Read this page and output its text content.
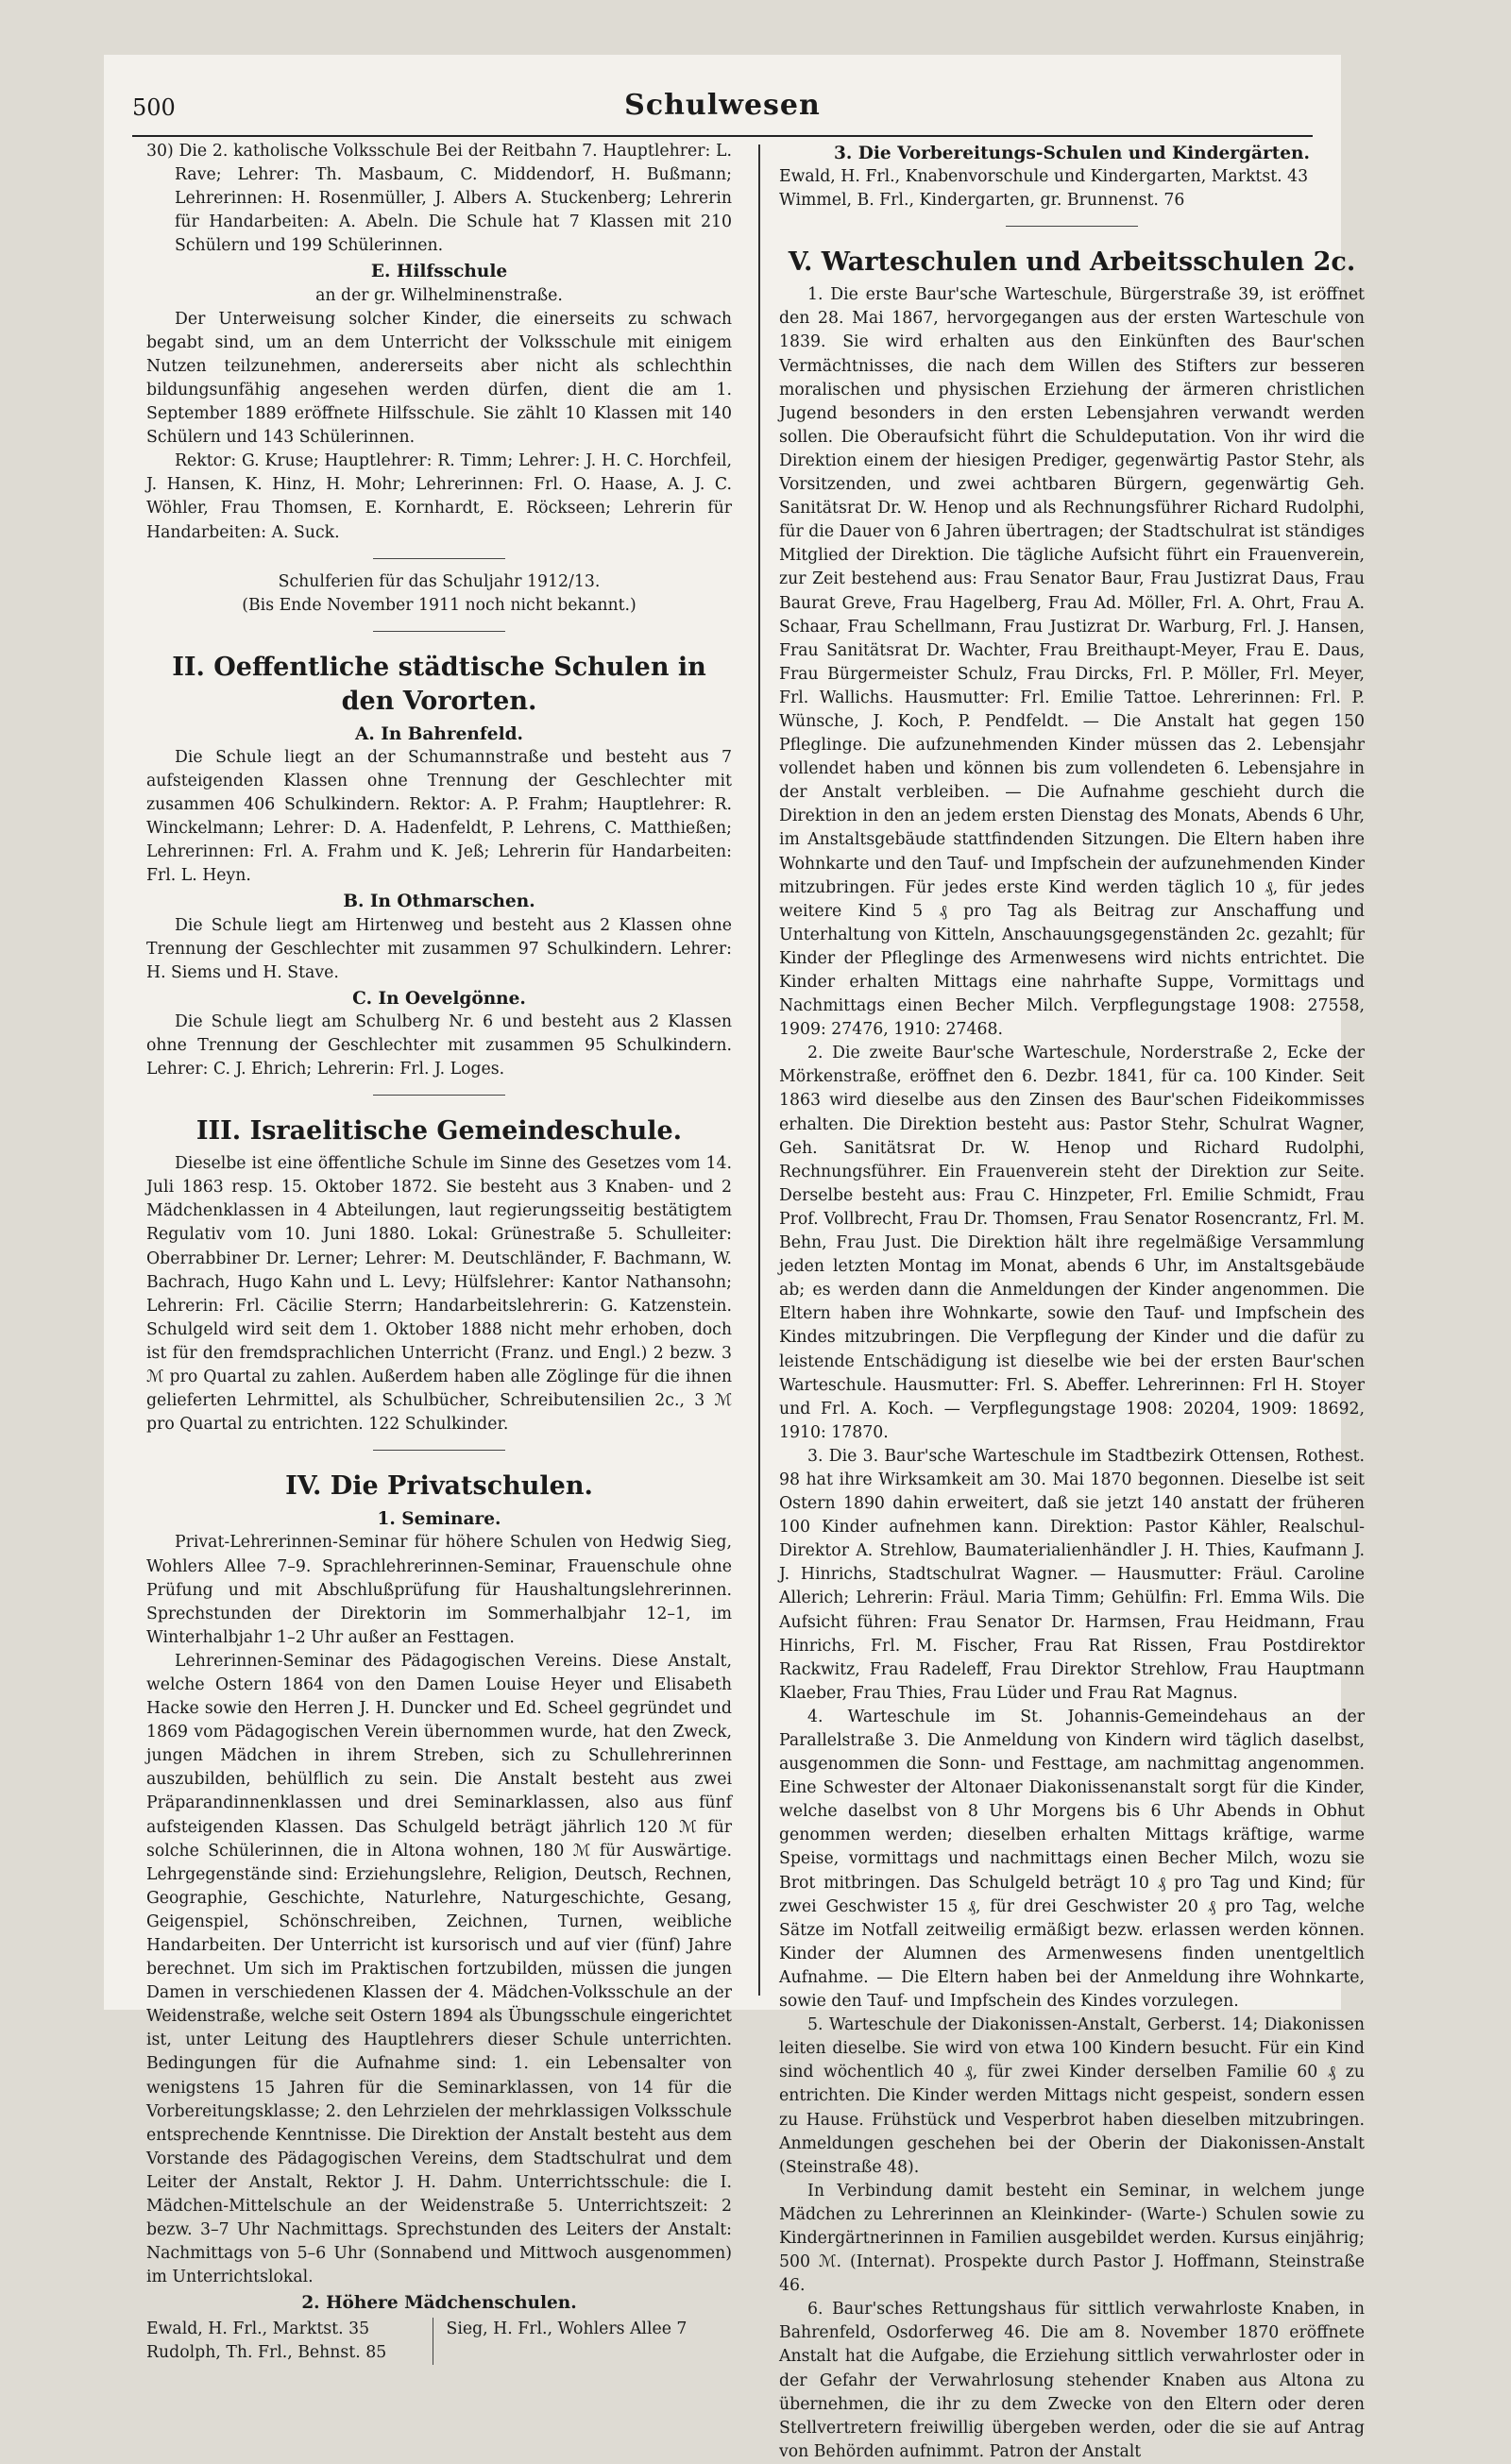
500	Schulwesen

30) Die 2. katholische Volksschule Bei der Reitbahn 7. Hauptlehrer: L. Rave; Lehrer: Th. Masbaum, C. Middendorf, H. Bußmann; Lehrerinnen: H. Rosenmüller, J. Albers A. Stuckenberg; Lehrerin für Handarbeiten: A. Abeln. Die Schule hat 7 Klassen mit 210 Schülern und 199 Schülerinnen.

E. Hilfsschule

an der gr. Wilhelminenstraße.

Der Unterweisung solcher Kinder, die einerseits zu schwach begabt sind, um an dem Unterricht der Volksschule mit einigem Nutzen teilzunehmen, andererseits aber nicht als schlechthin bildungsunfähig angesehen werden dürfen, dient die am 1. September 1889 eröffnete Hilfsschule. Sie zählt 10 Klassen mit 140 Schülern und 143 Schülerinnen.

Rektor: G. Kruse; Hauptlehrer: R. Timm; Lehrer: J. H. C. Horchfeil, J. Hansen, K. Hinz, H. Mohr; Lehrerinnen: Frl. O. Haase, A. J. C. Wöhler, Frau Thomsen, E. Kornhardt, E. Röckseen; Lehrerin für Handarbeiten: A. Suck.

Schulferien für das Schuljahr 1912/13.

(Bis Ende November 1911 noch nicht bekannt.)

II. Oeffentliche städtische Schulen in den Vororten.
A. In Bahrenfeld.

Die Schule liegt an der Schumannstraße und besteht aus 7 aufsteigenden Klassen ohne Trennung der Geschlechter mit zusammen 406 Schulkindern. Rektor: A. P. Frahm; Hauptlehrer: R. Winckelmann; Lehrer: D. A. Hadenfeldt, P. Lehrens, C. Matthießen; Lehrerinnen: Frl. A. Frahm und K. Jeß; Lehrerin für Handarbeiten: Frl. L. Heyn.

B. In Othmarschen.

Die Schule liegt am Hirtenweg und besteht aus 2 Klassen ohne Trennung der Geschlechter mit zusammen 97 Schulkindern. Lehrer: H. Siems und H. Stave.

C. In Oevelgönne.

Die Schule liegt am Schulberg Nr. 6 und besteht aus 2 Klassen ohne Trennung der Geschlechter mit zusammen 95 Schulkindern. Lehrer: C. J. Ehrich; Lehrerin: Frl. J. Loges.

III. Israelitische Gemeindeschule.

Dieselbe ist eine öffentliche Schule im Sinne des Gesetzes vom 14. Juli 1863 resp. 15. Oktober 1872. Sie besteht aus 3 Knaben- und 2 Mädchenklassen in 4 Abteilungen, laut regierungsseitig bestätigtem Regulativ vom 10. Juni 1880. Lokal: Grünestraße 5. Schulleiter: Oberrabbiner Dr. Lerner; Lehrer: M. Deutschländer, F. Bachmann, W. Bachrach, Hugo Kahn und L. Levy; Hülfslehrer: Kantor Nathansohn; Lehrerin: Frl. Cäcilie Sterrn; Handarbeitslehrerin: G. Katzenstein. Schulgeld wird seit dem 1. Oktober 1888 nicht mehr erhoben, doch ist für den fremdsprachlichen Unterricht (Franz. und Engl.) 2 bezw. 3 ℳ pro Quartal zu zahlen. Außerdem haben alle Zöglinge für die ihnen gelieferten Lehrmittel, als Schulbücher, Schreibutensilien 2c., 3 ℳ pro Quartal zu entrichten. 122 Schulkinder.

IV. Die Privatschulen.
1. Seminare.

Privat-Lehrerinnen-Seminar für höhere Schulen von Hedwig Sieg, Wohlers Allee 7–9. Sprachlehrerinnen-Seminar, Frauenschule ohne Prüfung und mit Abschlußprüfung für Haushaltungslehrerinnen. Sprechstunden der Direktorin im Sommerhalbjahr 12–1, im Winterhalbjahr 1–2 Uhr außer an Festtagen.

Lehrerinnen-Seminar des Pädagogischen Vereins. Diese Anstalt, welche Ostern 1864 von den Damen Louise Heyer und Elisabeth Hacke sowie den Herren J. H. Duncker und Ed. Scheel gegründet und 1869 vom Pädagogischen Verein übernommen wurde, hat den Zweck, jungen Mädchen in ihrem Streben, sich zu Schullehrerinnen auszubilden, behülflich zu sein. Die Anstalt besteht aus zwei Präparandinnenklassen und drei Seminarklassen, also aus fünf aufsteigenden Klassen. Das Schulgeld beträgt jährlich 120 ℳ für solche Schülerinnen, die in Altona wohnen, 180 ℳ für Auswärtige. Lehrgegenstände sind: Erziehungslehre, Religion, Deutsch, Rechnen, Geographie, Geschichte, Naturlehre, Naturgeschichte, Gesang, Geigenspiel, Schönschreiben, Zeichnen, Turnen, weibliche Handarbeiten. Der Unterricht ist kursorisch und auf vier (fünf) Jahre berechnet. Um sich im Praktischen fortzubilden, müssen die jungen Damen in verschiedenen Klassen der 4. Mädchen-Volksschule an der Weidenstraße, welche seit Ostern 1894 als Übungsschule eingerichtet ist, unter Leitung des Hauptlehrers dieser Schule unterrichten. Bedingungen für die Aufnahme sind: 1. ein Lebensalter von wenigstens 15 Jahren für die Seminarklassen, von 14 für die Vorbereitungsklasse; 2. den Lehrzielen der mehrklassigen Volksschule entsprechende Kenntnisse. Die Direktion der Anstalt besteht aus dem Vorstande des Pädagogischen Vereins, dem Stadtschulrat und dem Leiter der Anstalt, Rektor J. H. Dahm. Unterrichtsschule: die I. Mädchen-Mittelschule an der Weidenstraße 5. Unterrichtszeit: 2 bezw. 3–7 Uhr Nachmittags. Sprechstunden des Leiters der Anstalt: Nachmittags von 5–6 Uhr (Sonnabend und Mittwoch ausgenommen) im Unterrichtslokal.

2. Höhere Mädchenschulen.
Ewald, H. Frl., Marktst. 35
Rudolph, Th. Frl., Behnst. 85
Sieg, H. Frl., Wohlers Allee 7
3. Die Vorbereitungs-Schulen und Kindergärten.

Ewald, H. Frl., Knabenvorschule und Kindergarten, Marktst. 43

Wimmel, B. Frl., Kindergarten, gr. Brunnenst. 76

V. Warteschulen und Arbeitsschulen 2c.

1. Die erste Baur'sche Warteschule, Bürgerstraße 39, ist eröffnet den 28. Mai 1867, hervorgegangen aus der ersten Warteschule von 1839. Sie wird erhalten aus den Einkünften des Baur'schen Vermächtnisses, die nach dem Willen des Stifters zur besseren moralischen und physischen Erziehung der ärmeren christlichen Jugend besonders in den ersten Lebensjahren verwandt werden sollen. Die Oberaufsicht führt die Schuldeputation. Von ihr wird die Direktion einem der hiesigen Prediger, gegenwärtig Pastor Stehr, als Vorsitzenden, und zwei achtbaren Bürgern, gegenwärtig Geh. Sanitätsrat Dr. W. Henop und als Rechnungsführer Richard Rudolphi, für die Dauer von 6 Jahren übertragen; der Stadtschulrat ist ständiges Mitglied der Direktion. Die tägliche Aufsicht führt ein Frauenverein, zur Zeit bestehend aus: Frau Senator Baur, Frau Justizrat Daus, Frau Baurat Greve, Frau Hagelberg, Frau Ad. Möller, Frl. A. Ohrt, Frau A. Schaar, Frau Schellmann, Frau Justizrat Dr. Warburg, Frl. J. Hansen, Frau Sanitätsrat Dr. Wachter, Frau Breithaupt-Meyer, Frau E. Daus, Frau Bürgermeister Schulz, Frau Dircks, Frl. P. Möller, Frl. Meyer, Frl. Wallichs. Hausmutter: Frl. Emilie Tattoe. Lehrerinnen: Frl. P. Wünsche, J. Koch, P. Pendfeldt. — Die Anstalt hat gegen 150 Pfleglinge. Die aufzunehmenden Kinder müssen das 2. Lebensjahr vollendet haben und können bis zum vollendeten 6. Lebensjahre in der Anstalt verbleiben. — Die Aufnahme geschieht durch die Direktion in den an jedem ersten Dienstag des Monats, Abends 6 Uhr, im Anstaltsgebäude stattfindenden Sitzungen. Die Eltern haben ihre Wohnkarte und den Tauf- und Impfschein der aufzunehmenden Kinder mitzubringen. Für jedes erste Kind werden täglich 10 ₰, für jedes weitere Kind 5 ₰ pro Tag als Beitrag zur Anschaffung und Unterhaltung von Kitteln, Anschauungsgegenständen 2c. gezahlt; für Kinder der Pfleglinge des Armenwesens wird nichts entrichtet. Die Kinder erhalten Mittags eine nahrhafte Suppe, Vormittags und Nachmittags einen Becher Milch. Verpflegungstage 1908: 27558, 1909: 27476, 1910: 27468.

2. Die zweite Baur'sche Warteschule, Norderstraße 2, Ecke der Mörkenstraße, eröffnet den 6. Dezbr. 1841, für ca. 100 Kinder. Seit 1863 wird dieselbe aus den Zinsen des Baur'schen Fideikommisses erhalten. Die Direktion besteht aus: Pastor Stehr, Schulrat Wagner, Geh. Sanitätsrat Dr. W. Henop und Richard Rudolphi, Rechnungsführer. Ein Frauenverein steht der Direktion zur Seite. Derselbe besteht aus: Frau C. Hinzpeter, Frl. Emilie Schmidt, Frau Prof. Vollbrecht, Frau Dr. Thomsen, Frau Senator Rosencrantz, Frl. M. Behn, Frau Just. Die Direktion hält ihre regelmäßige Versammlung jeden letzten Montag im Monat, abends 6 Uhr, im Anstaltsgebäude ab; es werden dann die Anmeldungen der Kinder angenommen. Die Eltern haben ihre Wohnkarte, sowie den Tauf- und Impfschein des Kindes mitzubringen. Die Verpflegung der Kinder und die dafür zu leistende Entschädigung ist dieselbe wie bei der ersten Baur'schen Warteschule. Hausmutter: Frl. S. Abeffer. Lehrerinnen: Frl H. Stoyer und Frl. A. Koch. — Verpflegungstage 1908: 20204, 1909: 18692, 1910: 17870.

3. Die 3. Baur'sche Warteschule im Stadtbezirk Ottensen, Rothest. 98 hat ihre Wirksamkeit am 30. Mai 1870 begonnen. Dieselbe ist seit Ostern 1890 dahin erweitert, daß sie jetzt 140 anstatt der früheren 100 Kinder aufnehmen kann. Direktion: Pastor Kähler, Realschul-Direktor A. Strehlow, Baumaterialienhändler J. H. Thies, Kaufmann J. J. Hinrichs, Stadtschulrat Wagner. — Hausmutter: Fräul. Caroline Allerich; Lehrerin: Fräul. Maria Timm; Gehülfin: Frl. Emma Wils. Die Aufsicht führen: Frau Senator Dr. Harmsen, Frau Heidmann, Frau Hinrichs, Frl. M. Fischer, Frau Rat Rissen, Frau Postdirektor Rackwitz, Frau Radeleff, Frau Direktor Strehlow, Frau Hauptmann Klaeber, Frau Thies, Frau Lüder und Frau Rat Magnus.

4. Warteschule im St. Johannis-Gemeindehaus an der Parallelstraße 3. Die Anmeldung von Kindern wird täglich daselbst, ausgenommen die Sonn- und Festtage, am nachmittag angenommen. Eine Schwester der Altonaer Diakonissenanstalt sorgt für die Kinder, welche daselbst von 8 Uhr Morgens bis 6 Uhr Abends in Obhut genommen werden; dieselben erhalten Mittags kräftige, warme Speise, vormittags und nachmittags einen Becher Milch, wozu sie Brot mitbringen. Das Schulgeld beträgt 10 ₰ pro Tag und Kind; für zwei Geschwister 15 ₰, für drei Geschwister 20 ₰ pro Tag, welche Sätze im Notfall zeitweilig ermäßigt bezw. erlassen werden können. Kinder der Alumnen des Armenwesens finden unentgeltlich Aufnahme. — Die Eltern haben bei der Anmeldung ihre Wohnkarte, sowie den Tauf- und Impfschein des Kindes vorzulegen.

5. Warteschule der Diakonissen-Anstalt, Gerberst. 14; Diakonissen leiten dieselbe. Sie wird von etwa 100 Kindern besucht. Für ein Kind sind wöchentlich 40 ₰, für zwei Kinder derselben Familie 60 ₰ zu entrichten. Die Kinder werden Mittags nicht gespeist, sondern essen zu Hause. Frühstück und Vesperbrot haben dieselben mitzubringen. Anmeldungen geschehen bei der Oberin der Diakonissen-Anstalt (Steinstraße 48).

In Verbindung damit besteht ein Seminar, in welchem junge Mädchen zu Lehrerinnen an Kleinkinder- (Warte-) Schulen sowie zu Kindergärtnerinnen in Familien ausgebildet werden. Kursus einjährig; 500 ℳ. (Internat). Prospekte durch Pastor J. Hoffmann, Steinstraße 46.

6. Baur'sches Rettungshaus für sittlich verwahrloste Knaben, in Bahrenfeld, Osdorferweg 46. Die am 8. November 1870 eröffnete Anstalt hat die Aufgabe, die Erziehung sittlich verwahrloster oder in der Gefahr der Verwahrlosung stehender Knaben aus Altona zu übernehmen, die ihr zu dem Zwecke von den Eltern oder deren Stellvertretern freiwillig übergeben werden, oder die sie auf Antrag von Behörden aufnimmt. Patron der Anstalt
